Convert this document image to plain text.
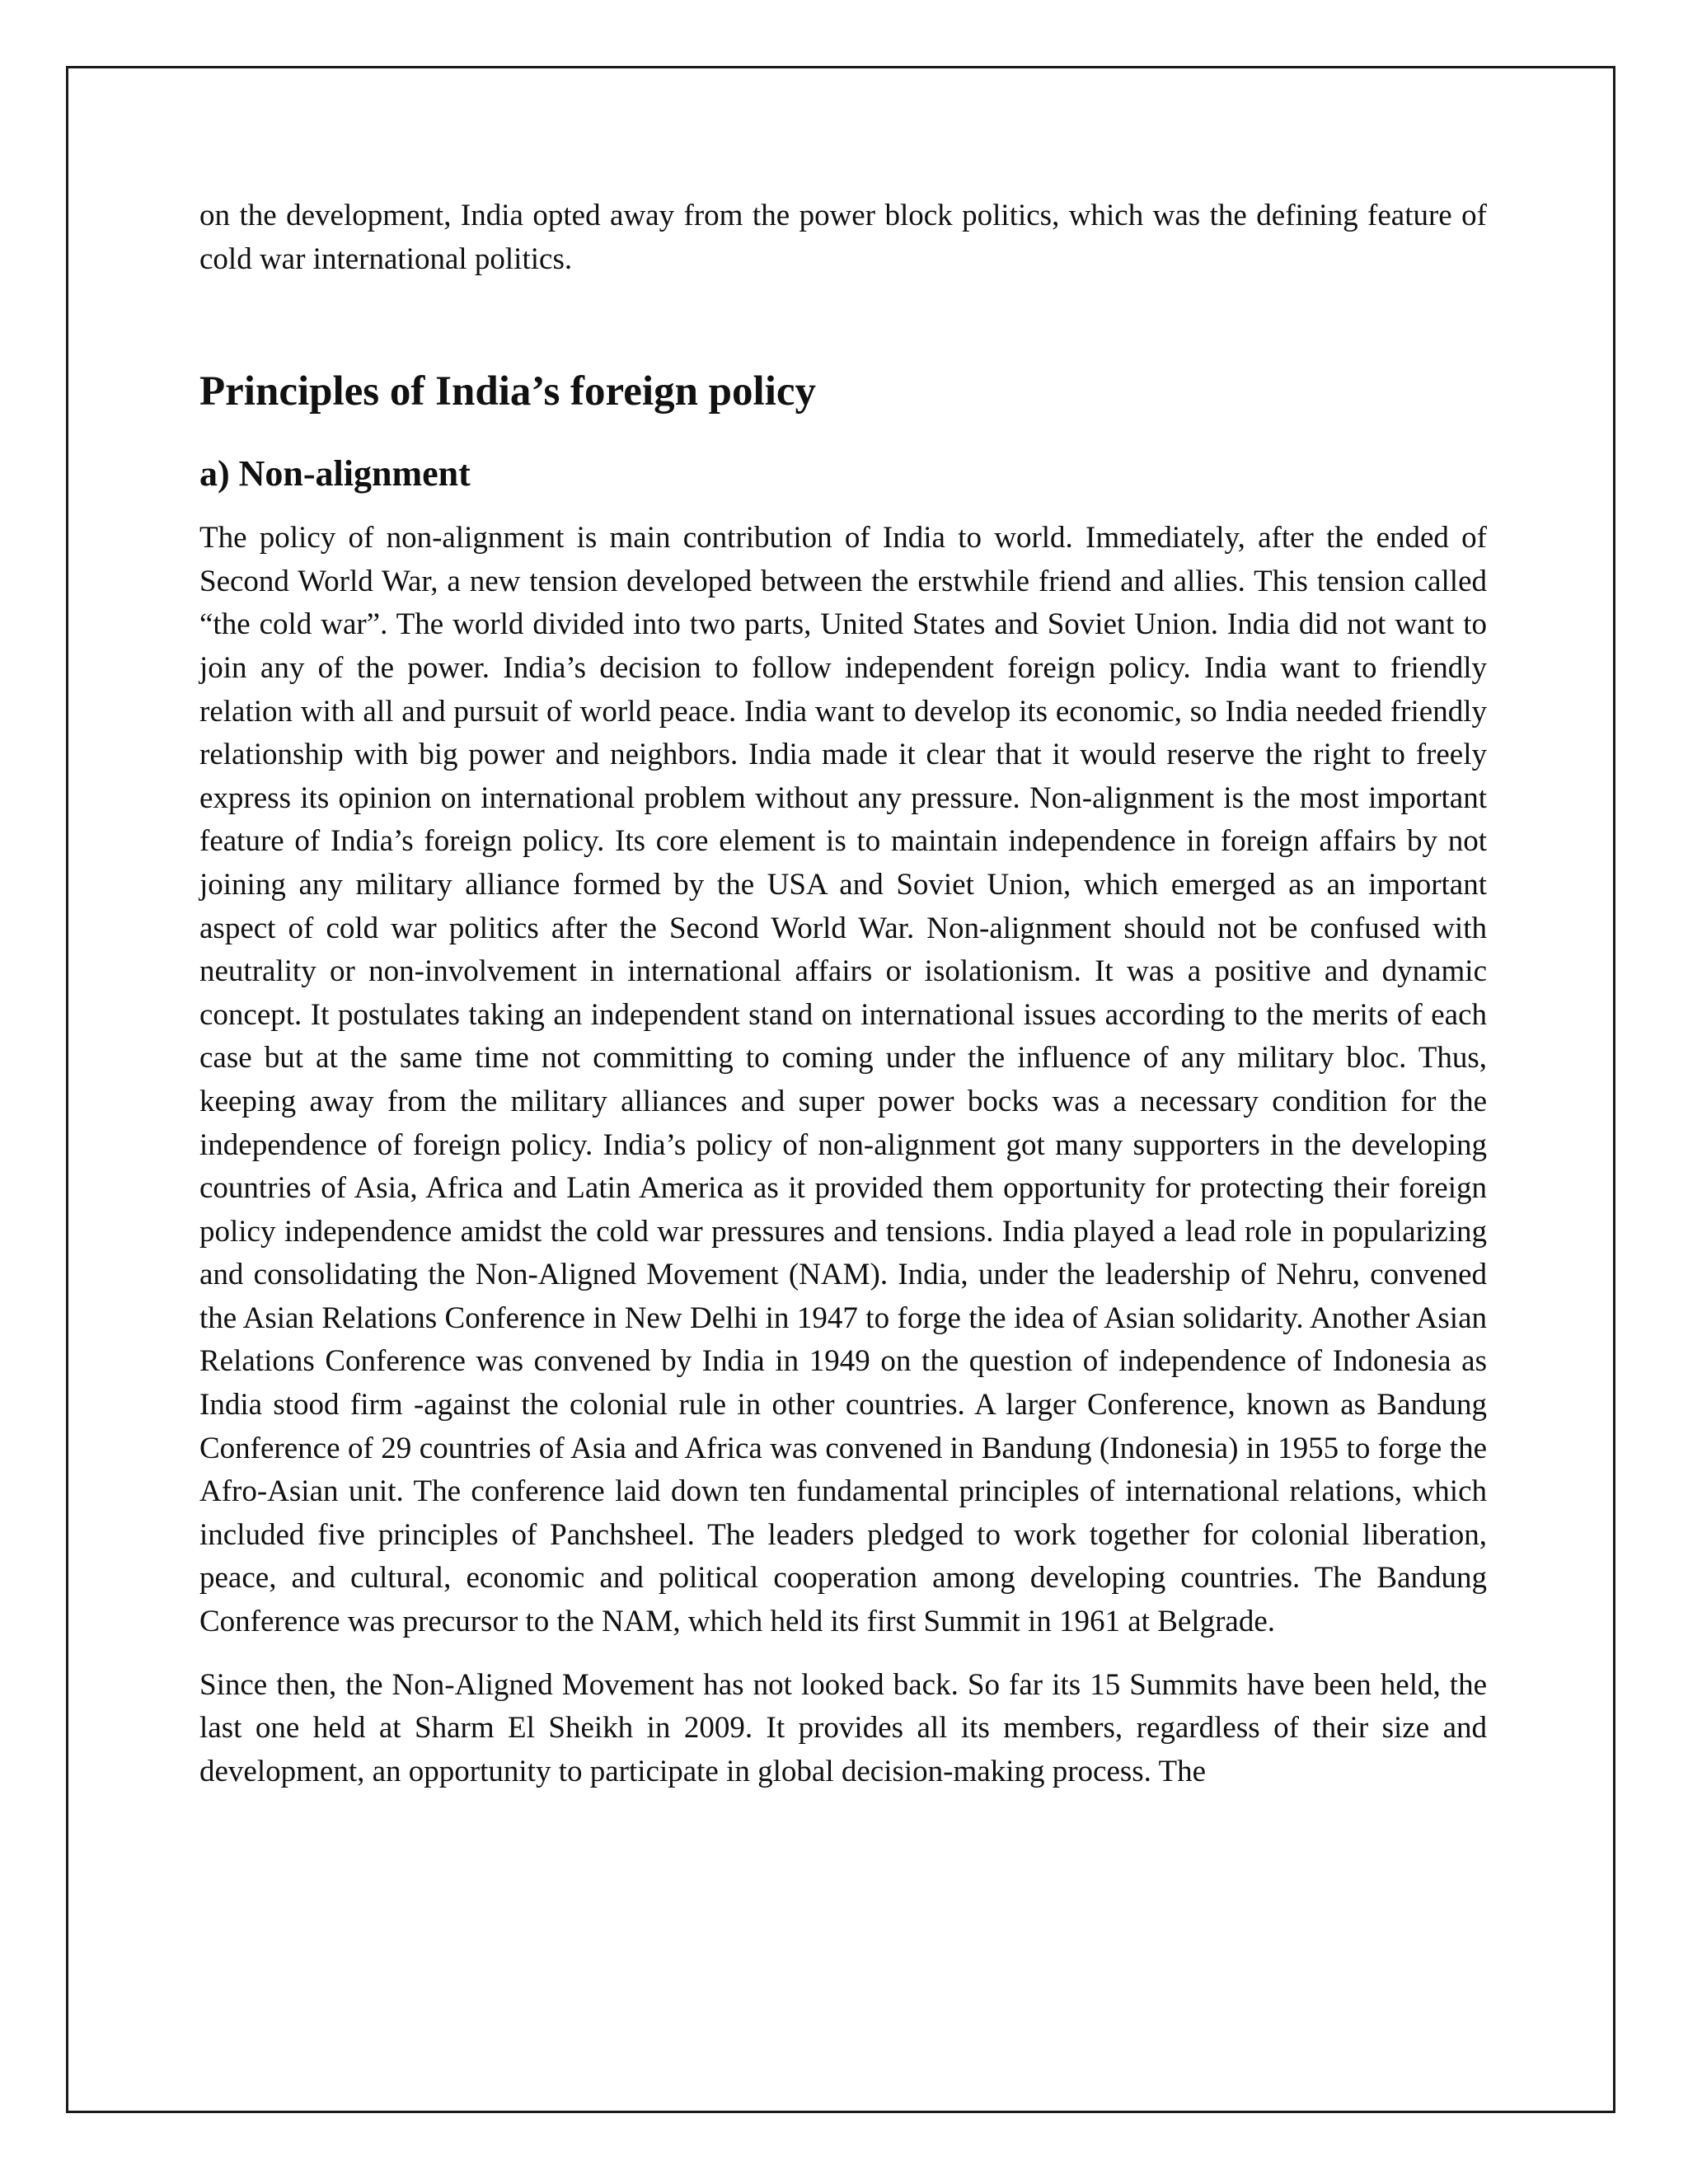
on the development, India opted away from the power block politics, which was the defining feature of cold war international politics.

Principles of India’s foreign policy
a) Non-alignment

The policy of non-alignment is main contribution of India to world. Immediately, after the ended of Second World War, a new tension developed between the erstwhile friend and allies. This tension called “the cold war”. The world divided into two parts, United States and Soviet Union. India did not want to join any of the power. India’s decision to follow independent foreign policy. India want to friendly relation with all and pursuit of world peace. India want to develop its economic, so India needed friendly relationship with big power and neighbors. India made it clear that it would reserve the right to freely express its opinion on international problem without any pressure. Non-alignment is the most important feature of India’s foreign policy. Its core element is to maintain independence in foreign affairs by not joining any military alliance formed by the USA and Soviet Union, which emerged as an important aspect of cold war politics after the Second World War. Non-alignment should not be confused with neutrality or non-involvement in international affairs or isolationism. It was a positive and dynamic concept. It postulates taking an independent stand on international issues according to the merits of each case but at the same time not committing to coming under the influence of any military bloc. Thus, keeping away from the military alliances and super power bocks was a necessary condition for the independence of foreign policy. India’s policy of non-alignment got many supporters in the developing countries of Asia, Africa and Latin America as it provided them opportunity for protecting their foreign policy independence amidst the cold war pressures and tensions. India played a lead role in popularizing and consolidating the Non-Aligned Movement (NAM). India, under the leadership of Nehru, convened the Asian Relations Conference in New Delhi in 1947 to forge the idea of Asian solidarity. Another Asian Relations Conference was convened by India in 1949 on the question of independence of Indonesia as India stood firm -against the colonial rule in other countries. A larger Conference, known as Bandung Conference of 29 countries of Asia and Africa was convened in Bandung (Indonesia) in 1955 to forge the Afro-Asian unit. The conference laid down ten fundamental principles of international relations, which included five principles of Panchsheel. The leaders pledged to work together for colonial liberation, peace, and cultural, economic and political cooperation among developing countries. The Bandung Conference was precursor to the NAM, which held its first Summit in 1961 at Belgrade.

Since then, the Non-Aligned Movement has not looked back. So far its 15 Summits have been held, the last one held at Sharm El Sheikh in 2009. It provides all its members, regardless of their size and development, an opportunity to participate in global decision-making process. The
